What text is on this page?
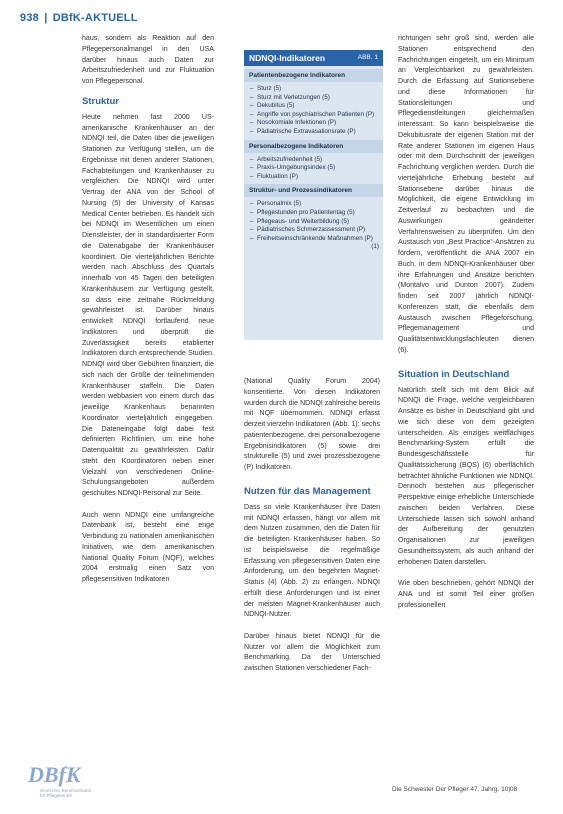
938 | DBfK-AKTUELL

haus, sondern als Reaktion auf den Pflegepersonalmangel in den USA darüber hinaus auch Daten zur Arbeitszufriedenheit und zur Fluktuation von Pflegepersonal.

Struktur

Heute nehmen fast 2000 US-amerikanische Krankenhäuser an der NDNQI teil, die Daten über die jeweiligen Stationen zur Verfügung stellen, um die Ergebnisse mit denen anderer Stationen, Fachabteilungen und Krankenhäuser zu vergleichen. Die NDNQI wird unter Vertrag der ANA von der School of Nursing (5) der University of Kansas Medical Center betrieben. Es handelt sich bei NDNQI im Wesentlichen um einen Dienstleister, der in standardisierter Form die Datenabgabe der Krankenhäuser koordiniert. Die vierteljährlichen Berichte werden nach Abschluss des Quartals innerhalb von 45 Tagen den beteiligten Krankenhäusern zur Verfügung gestellt, so dass eine zeitnahe Rückmeldung gewährleistet ist. Darüber hinaus entwickelt NDNQI fortlaufend neue Indikatoren und überprüft die Zuverlässigkeit bereits etablierter Indikatoren durch entsprechende Studien. NDNQI wird über Gebühren finanziert, die sich nach der Größe der teilnehmenden Krankenhäuser staffeln. Die Daten werden webbasiert von einem durch das jeweilige Krankenhaus benannten Koordinator vierteljährlich eingegeben. Die Dateneingabe folgt dabei fest definierten Richtlinien, um eine hohe Datenqualität zu gewährleisten. Dafür steht den Koordinatoren neben einer Vielzahl von verschiedenen Online-Schulungsangeboten außerdem geschultes NDNQI-Personal zur Seite.

Auch wenn NDNQI eine umfangreiche Datenbank ist, besteht eine enge Verbindung zu nationalen amerikanischen Initiativen, wie dem amerikanischen National Quality Forum (NQF), welches 2004 erstmalig einen Satz von pflegesensitiven Indikatoren

NDNQI-Indikatoren	ABB. 1
Patientenbezogene Indikatoren
– Sturz (5)
– Sturz mit Verletzungen (5)
– Dekubitus (5)
– Angriffe von psychiatrischen Patienten (P)
– Nosokomiale Infektionen (P)
– Pädiatrische Extravasationsrate (P)
Personalbezogene Indikatoren
– Arbeitszufriedenheit (5)
– Praxis-Umgebungsindex (5)
– Fluktuation (P)
Struktur- und Prozessindikatoren
– Personalmix (5)
– Pflegestunden pro Patiententag (5)
– Pflegeaus- und Weiterbildung (5)
– Pädiatrisches Schmerzassessment (P)
– Freiheitseinschränkende Maßnahmen (P)
(1)

(National Quality Forum 2004) konsentierte. Von diesen Indikatoren wurden durch die NDNQI zahlreiche bereits mit NQF übernommen. NDNQI erfasst derzeit vierzehn Indikatoren (Abb. 1): sechs patientenbezogene, drei personalbezogene Ergebnisindikatoren (5) sowie drei strukturelle (5) und zwei prozessbezogene (P) Indikatoren.

Nutzen für das Management

Dass so viele Krankenhäuser ihre Daten mit NDNQI erfassen, hängt vor allem mit dem Nutzen zusammen, den die Daten für die beteiligten Krankenhäuser haben. So ist beispielsweise die regelmäßige Erfassung von pflegesensitiven Daten eine Anforderung, um den begehrten Magnet-Status (4) (Abb. 2) zu erlangen. NDNQI erfüllt diese Anforderungen und ist einer der meisten Magnet-Krankenhäuser auch NDNQI-Nutzer.

Darüber hinaus bietet NDNQI für die Nutzer vor allem die Möglichkeit zum Benchmarking. Da der Unterschied zwischen Stationen verschiedener Fach-

richtungen sehr groß sind, werden alle Stationen entsprechend den Fachrichtungen eingeteilt, um ein Minimum an Vergleichbarkeit zu gewährleisten. Durch die Erfassung auf Stationsebene und diese Informationen für Stationsleitungen und Pflegedienstleitungen gleichermaßen interessant. So kann beispielsweise die Dekubitusrate der eigenen Station mit der Rate anderer Stationen im eigenen Haus oder mit dem Durchschnitt der jeweiligen Fachrichtung verglichen werden. Durch die vierteljährliche Erhebung besteht auf Stationsebene darüber hinaus die Möglichkeit, die eigene Entwicklung im Zeitverlauf zu beobachten und die Auswirkungen geänderter Verfahrensweisen zu überprüfen. Um den Austausch von „Best Practice“-Ansätzen zu fördern, veröffentlicht die ANA 2007 ein Buch, in dem NDNQI-Krankenhäuser über ihre Erfahrungen und Ansätze berichten (Montalvo und Dunton 2007). Zudem finden seit 2007 jährlich NDNQI-Konferenzen statt, die ebenfalls dem Austausch zwischen Pflegeforschung, Pflegemanagement und Qualitätsentwicklungsfachleuten dienen (6).

Situation in Deutschland

Natürlich stellt sich mit dem Blick auf NDNQI die Frage, welche vergleichbaren Ansätze es bisher in Deutschland gibt und wie sich diese von dem gezeigten unterscheiden. Als einziges weitflächiges Benchmarking-System erfüllt die Bundesgeschäftsstelle für Qualitätssicherung (BQS) (6) oberflächlich betrachtet ähnliche Funktionen wie NDNQI. Dennoch bestehen aus pflegerischer Perspektive einige erhebliche Unterschiede zwischen beiden Verfahren. Diese Unterschiede lassen sich sowohl anhand der Aufbereitung der genutzten Organisationen zur jeweiligen Gesundheitssystem, als auch anhand der erhobenen Daten darstellen.

Wie oben beschrieben, gehört NDNQI der ANA und ist somit Teil einer großen professionellen

DBfK
Deutscher Berufsverband
für Pflegeberufe
Die Schwester Der Pfleger 47. Jahrg. 10|08
